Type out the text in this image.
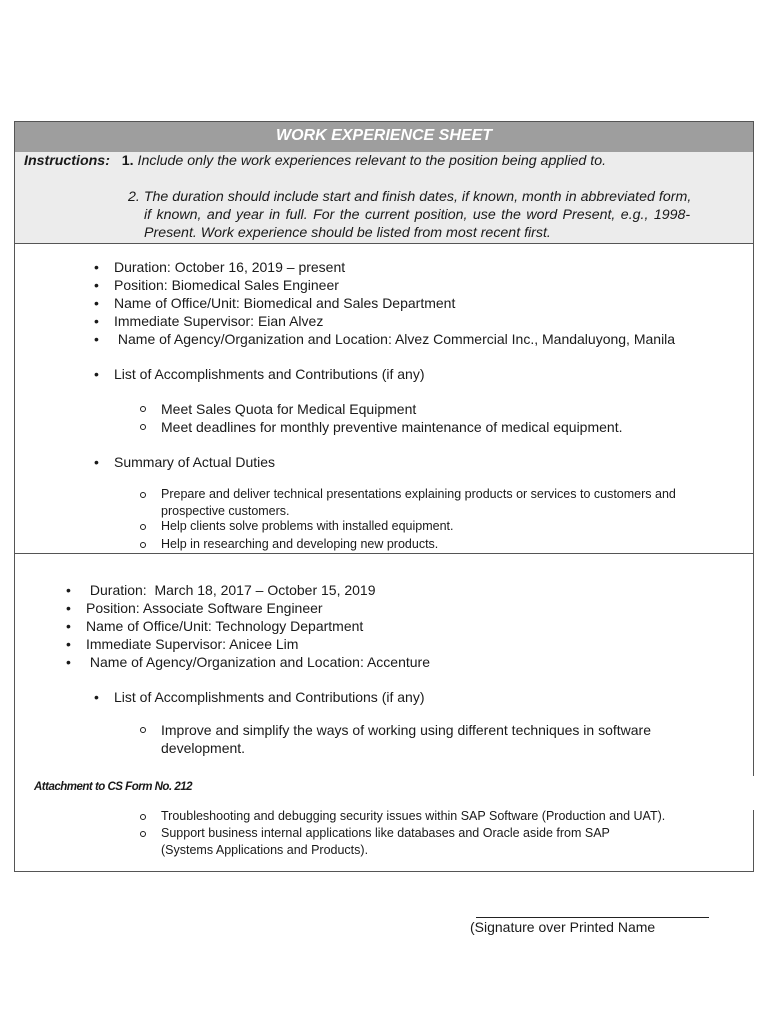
WORK EXPERIENCE SHEET
Instructions: 1. Include only the work experiences relevant to the position being applied to.
2. The duration should include start and finish dates, if known, month in abbreviated form,
if known, and year in full. For the current position, use the word Present, e.g., 1998-
Present. Work experience should be listed from most recent first.
• Duration: October 16, 2019 – present
• Position: Biomedical Sales Engineer
• Name of Office/Unit: Biomedical and Sales Department
• Immediate Supervisor: Eian Alvez
•  Name of Agency/Organization and Location: Alvez Commercial Inc., Mandaluyong, Manila
• List of Accomplishments and Contributions (if any)
Meet Sales Quota for Medical Equipment
Meet deadlines for monthly preventive maintenance of medical equipment.
• Summary of Actual Duties
Prepare and deliver technical presentations explaining products or services to customers and
prospective customers.
Help clients solve problems with installed equipment.
Help in researching and developing new products.
•  Duration:  March 18, 2017 – October 15, 2019
• Position: Associate Software Engineer
• Name of Office/Unit: Technology Department
• Immediate Supervisor: Anicee Lim
•  Name of Agency/Organization and Location: Accenture
• List of Accomplishments and Contributions (if any)
Improve and simplify the ways of working using different techniques in software
development.
Attachment to CS Form No. 212
Troubleshooting and debugging security issues within SAP Software (Production and UAT).
Support business internal applications like databases and Oracle aside from SAP
(Systems Applications and Products).
(Signature over Printed Name
